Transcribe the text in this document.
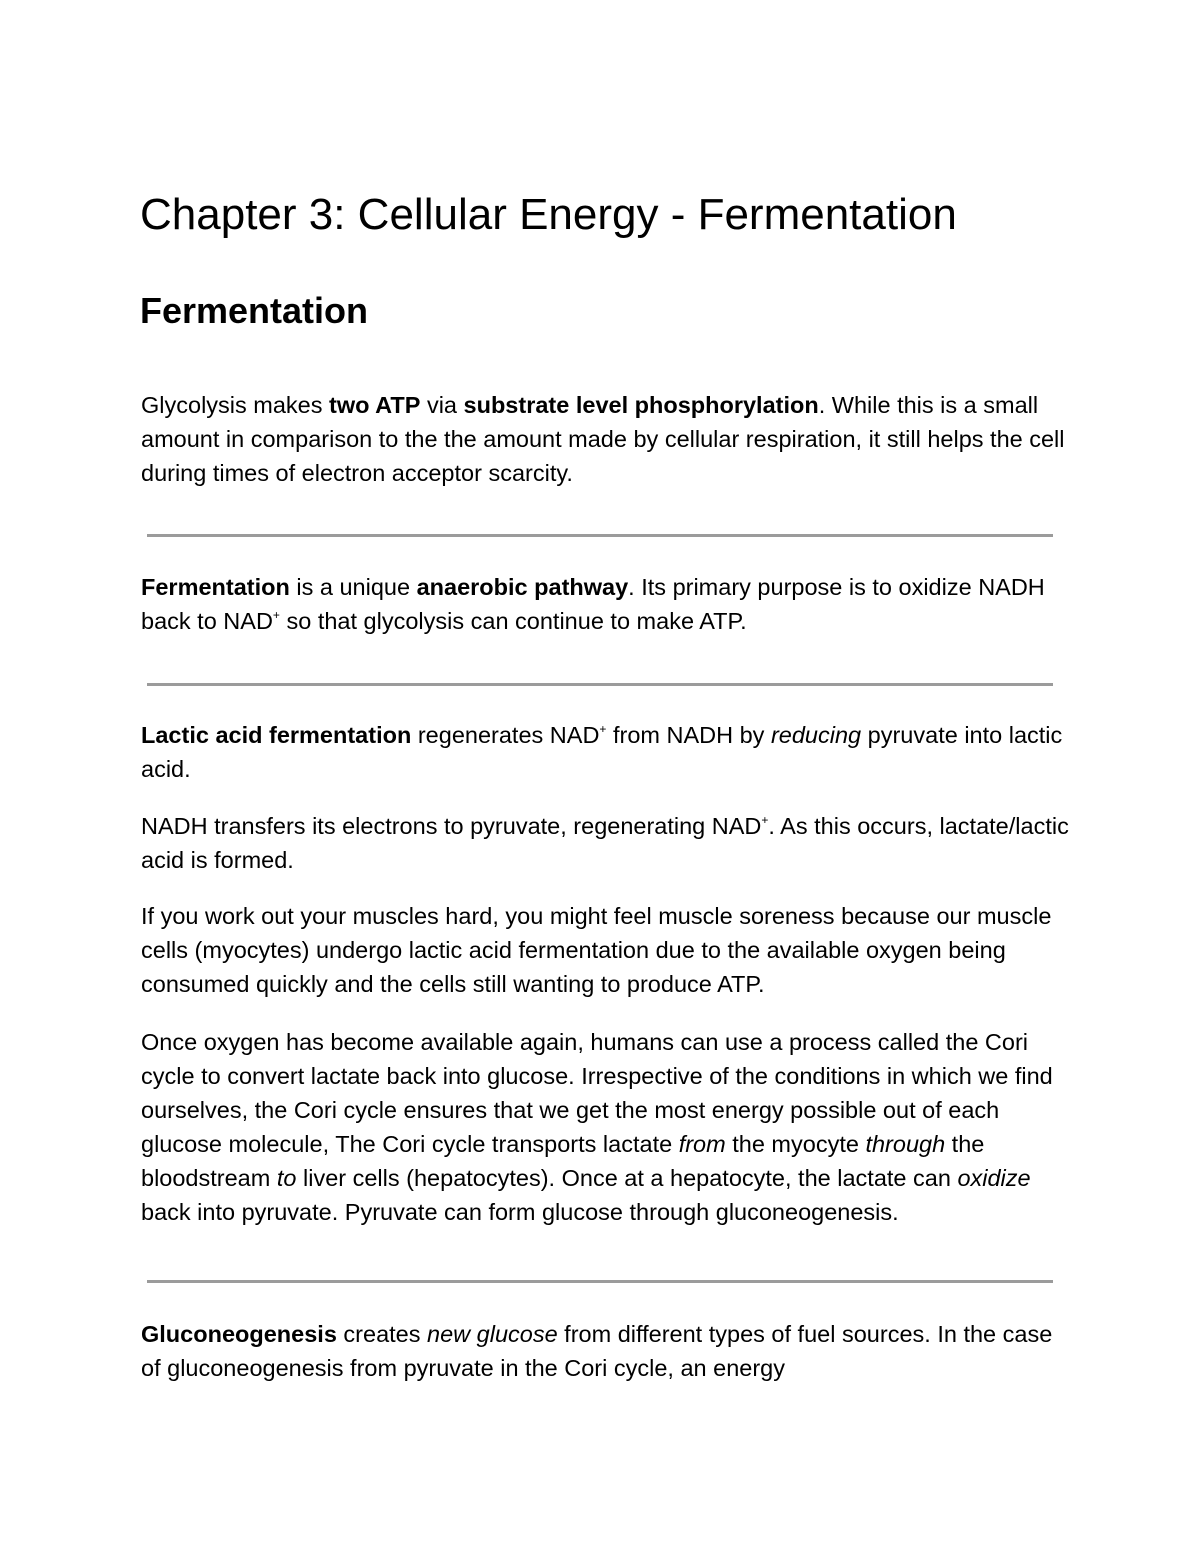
Chapter 3: Cellular Energy - Fermentation
Fermentation

Glycolysis makes two ATP via substrate level phosphorylation. While this is a small amount in comparison to the the amount made by cellular respiration, it still helps the cell during times of electron acceptor scarcity.

Fermentation is a unique anaerobic pathway. Its primary purpose is to oxidize NADH back to NAD+ so that glycolysis can continue to make ATP.

Lactic acid fermentation regenerates NAD+ from NADH by reducing pyruvate into lactic acid.

NADH transfers its electrons to pyruvate, regenerating NAD+. As this occurs, lactate/lactic acid is formed.

If you work out your muscles hard, you might feel muscle soreness because our muscle cells (myocytes) undergo lactic acid fermentation due to the available oxygen being consumed quickly and the cells still wanting to produce ATP.

Once oxygen has become available again, humans can use a process called the Cori cycle to convert lactate back into glucose. Irrespective of the conditions in which we find ourselves, the Cori cycle ensures that we get the most energy possible out of each glucose molecule, The Cori cycle transports lactate from the myocyte through the bloodstream to liver cells (hepatocytes). Once at a hepatocyte, the lactate can oxidize back into pyruvate. Pyruvate can form glucose through gluconeogenesis.

Gluconeogenesis creates new glucose from different types of fuel sources. In the case of gluconeogenesis from pyruvate in the Cori cycle, an energy
